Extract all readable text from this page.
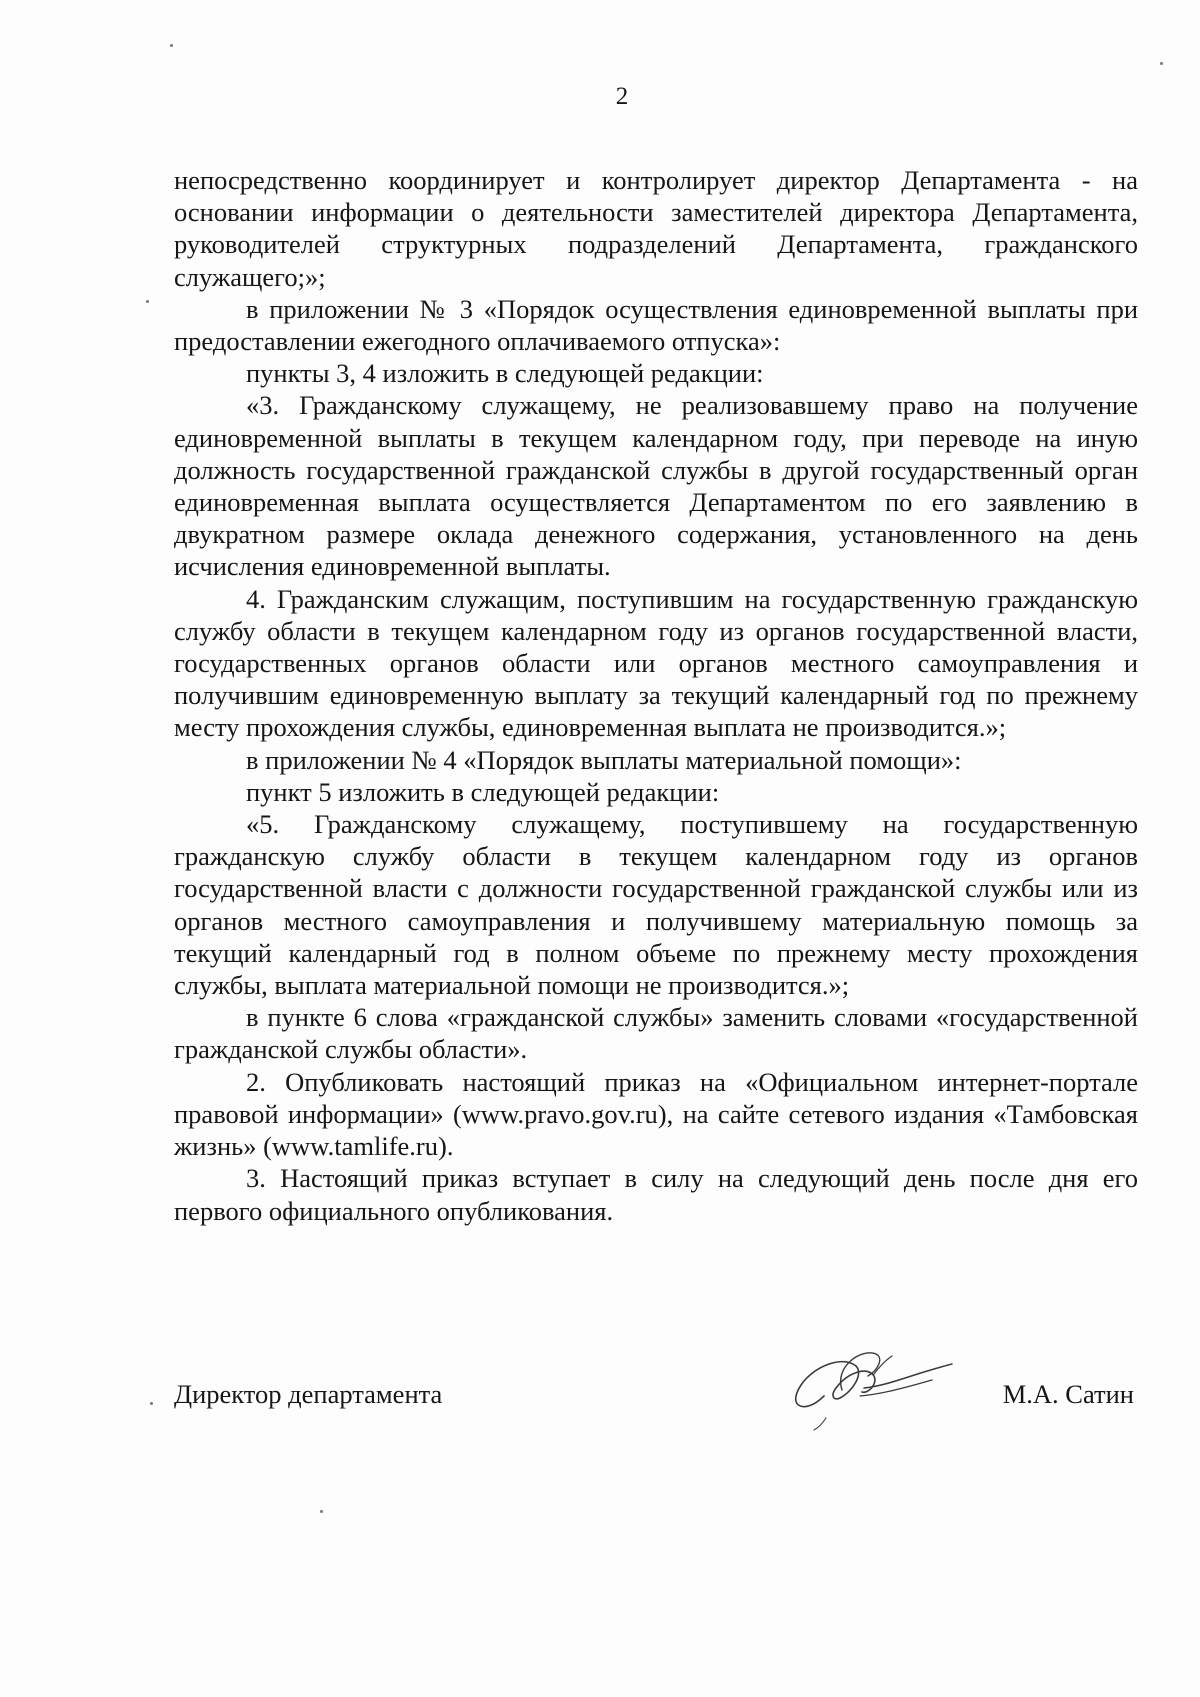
2

непосредственно координирует и контролирует директор Департамента - на основании информации о деятельности заместителей директора Департамента, руководителей структурных подразделений Департамента, гражданского служащего;»;

в приложении № 3 «Порядок осуществления единовременной выплаты при предоставлении ежегодного оплачиваемого отпуска»:

пункты 3, 4 изложить в следующей редакции:

«3. Гражданскому служащему, не реализовавшему право на получение единовременной выплаты в текущем календарном году, при переводе на иную должность государственной гражданской службы в другой государственный орган единовременная выплата осуществляется Департаментом по его заявлению в двукратном размере оклада денежного содержания, установленного на день исчисления единовременной выплаты.

4. Гражданским служащим, поступившим на государственную гражданскую службу области в текущем календарном году из органов государственной власти, государственных органов области или органов местного самоуправления и получившим единовременную выплату за текущий календарный год по прежнему месту прохождения службы, единовременная выплата не производится.»;

в приложении № 4 «Порядок выплаты материальной помощи»:

пункт 5 изложить в следующей редакции:

«5. Гражданскому служащему, поступившему на государственную гражданскую службу области в текущем календарном году из органов государственной власти с должности государственной гражданской службы или из органов местного самоуправления и получившему материальную помощь за текущий календарный год в полном объеме по прежнему месту прохождения службы, выплата материальной помощи не производится.»;

в пункте 6 слова «гражданской службы» заменить словами «государственной гражданской службы области».

2. Опубликовать настоящий приказ на «Официальном интернет-портале правовой информации» (www.pravo.gov.ru), на сайте сетевого издания «Тамбовская жизнь» (www.tamlife.ru).

3. Настоящий приказ вступает в силу на следующий день после дня его первого официального опубликования.

Директор департамента	М.А. Сатин
